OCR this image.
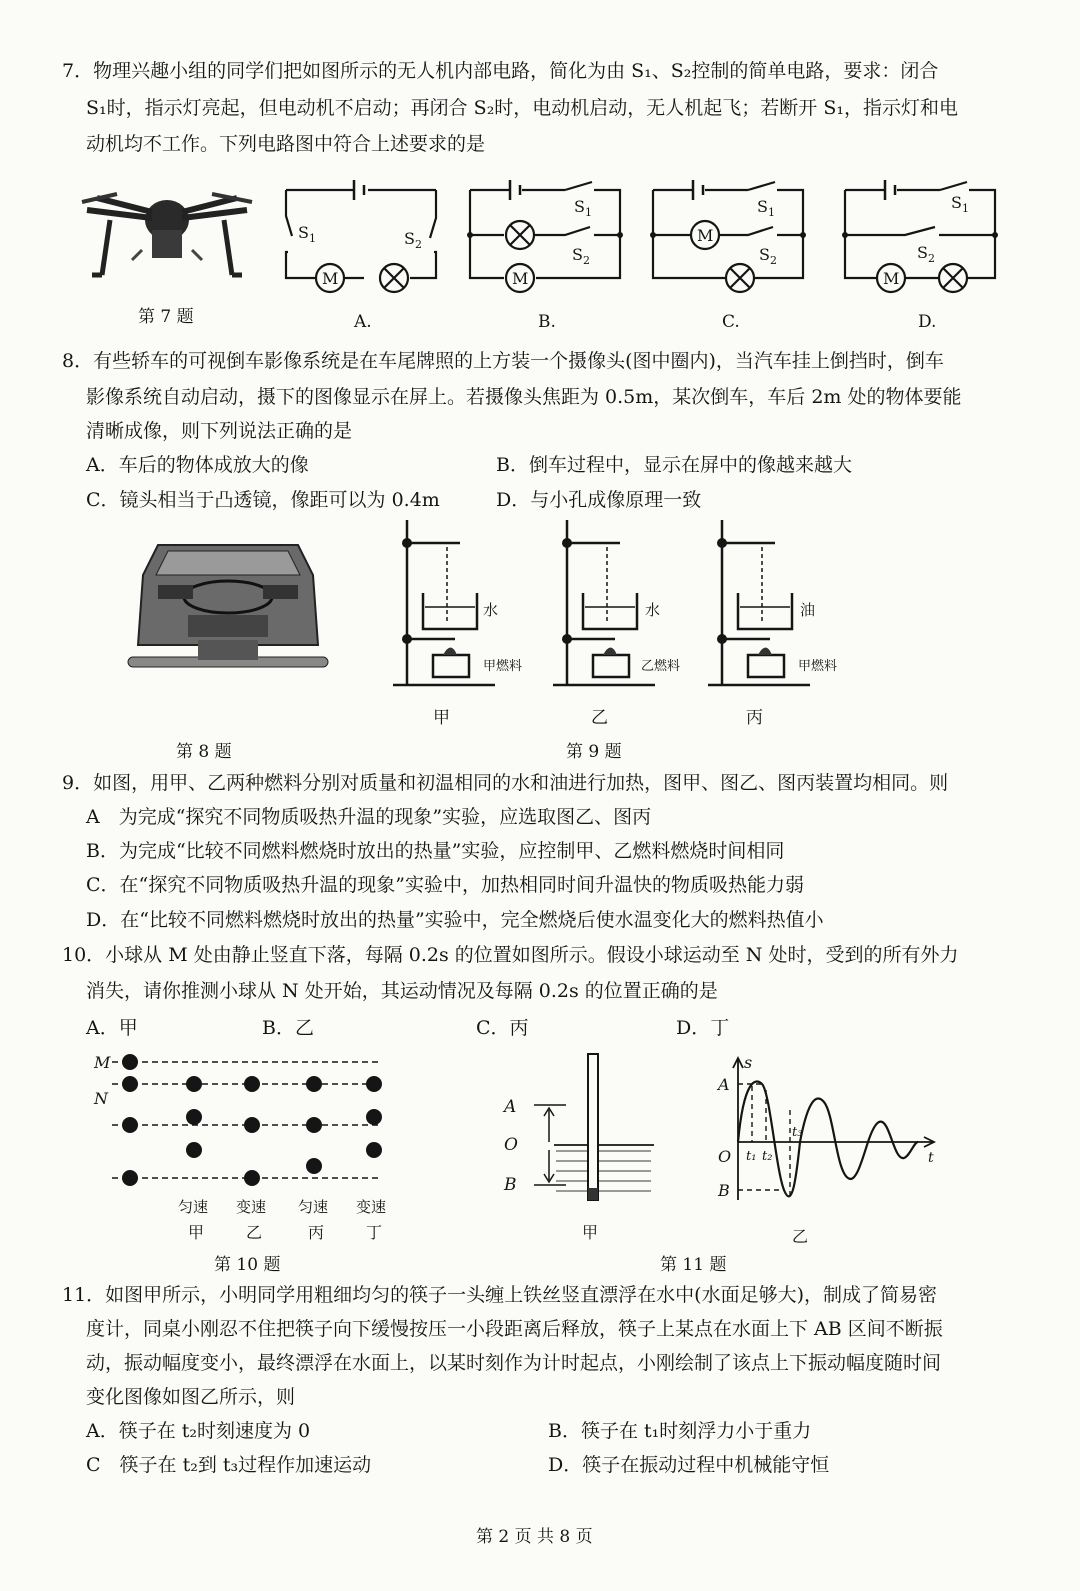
7．物理兴趣小组的同学们把如图所示的无人机内部电路，简化为由 S₁、S₂控制的简单电路，要求：闭合
S₁时，指示灯亮起，但电动机不启动；再闭合 S₂时，电动机启动，无人机起飞；若断开 S₁，指示灯和电
动机均不工作。下列电路图中符合上述要求的是
第 7 题
$S_1$	$S_2$
M
A.
$S_1$
$S_2$
M
B.
$S_1$
$S_2$
M
C.
$S_1$
$S_2$
M
D.
8．有些轿车的可视倒车影像系统是在车尾牌照的上方装一个摄像头(图中圈内)，当汽车挂上倒挡时，倒车
影像系统自动启动，摄下的图像显示在屏上。若摄像头焦距为 0.5m，某次倒车，车后 2m 处的物体要能
清晰成像，则下列说法正确的是
A．车后的物体成放大的像	B．倒车过程中，显示在屏中的像越来越大
C．镜头相当于凸透镜，像距可以为 0.4m	D．与小孔成像原理一致
第 8 题
水
甲燃料
甲
水
乙燃料
乙
油
甲燃料
丙
第 9 题
9．如图，用甲、乙两种燃料分别对质量和初温相同的水和油进行加热，图甲、图乙、图丙装置均相同。则
A　为完成“探究不同物质吸热升温的现象”实验，应选取图乙、图丙
B．为完成“比较不同燃料燃烧时放出的热量”实验，应控制甲、乙燃料燃烧时间相同
C．在“探究不同物质吸热升温的现象”实验中，加热相同时间升温快的物质吸热能力弱
D．在“比较不同燃料燃烧时放出的热量”实验中，完全燃烧后使水温变化大的燃料热值小
10．小球从 M 处由静止竖直下落，每隔 0.2s 的位置如图所示。假设小球运动至 N 处时，受到的所有外力
消失，请你推测小球从 N 处开始，其运动情况及每隔 0.2s 的位置正确的是
A．甲	B．乙	C．丙	D．丁
M
N
匀速 变速 匀速 变速
甲	乙	丙	丁
第 10 题
A
O
B
甲
s
A
O
B
t
t₁ t₂
t₃
乙
第 11 题
11．如图甲所示，小明同学用粗细均匀的筷子一头缠上铁丝竖直漂浮在水中(水面足够大)，制成了简易密
度计，同桌小刚忍不住把筷子向下缓慢按压一小段距离后释放，筷子上某点在水面上下 AB 区间不断振
动，振动幅度变小，最终漂浮在水面上，以某时刻作为计时起点，小刚绘制了该点上下振动幅度随时间
变化图像如图乙所示，则
A．筷子在 t₂时刻速度为 0	B．筷子在 t₁时刻浮力小于重力
C　筷子在 t₂到 t₃过程作加速运动	D．筷子在振动过程中机械能守恒
第 2 页 共 8 页
